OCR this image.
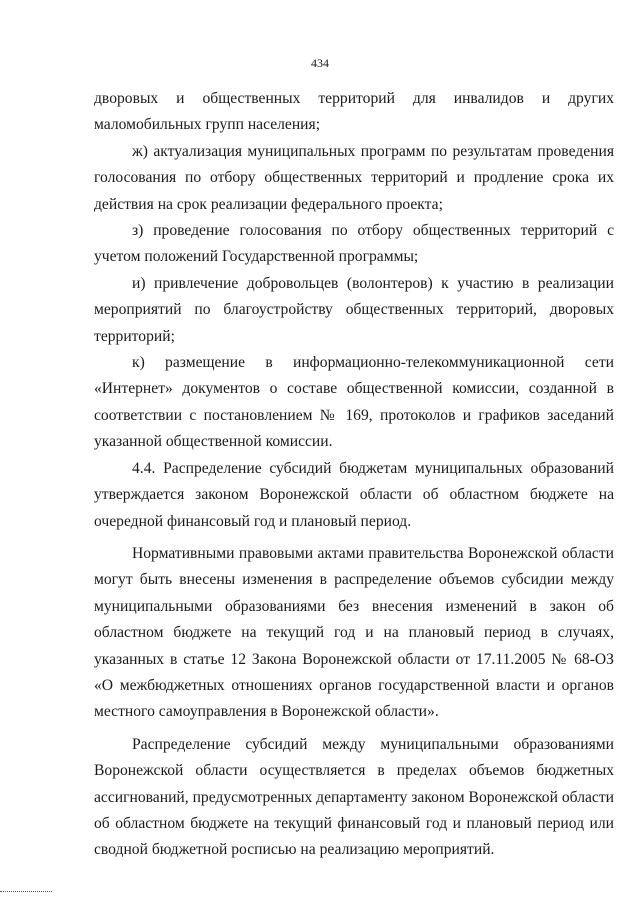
434

дворовых и общественных территорий для инвалидов и других маломобильных групп населения;

ж) актуализация муниципальных программ по результатам проведения голосования по отбору общественных территорий и продление срока их действия на срок реализации федерального проекта;

з) проведение голосования по отбору общественных территорий с учетом положений Государственной программы;

и) привлечение добровольцев (волонтеров) к участию в реализации мероприятий по благоустройству общественных территорий, дворовых территорий;

к) размещение в информационно-телекоммуникационной сети «Интернет» документов о составе общественной комиссии, созданной в соответствии с постановлением № 169, протоколов и графиков заседаний указанной общественной комиссии.

4.4. Распределение субсидий бюджетам муниципальных образований утверждается законом Воронежской области об областном бюджете на очередной финансовый год и плановый период.

Нормативными правовыми актами правительства Воронежской области могут быть внесены изменения в распределение объемов субсидии между муниципальными образованиями без внесения изменений в закон об областном бюджете на текущий год и на плановый период в случаях, указанных в статье 12 Закона Воронежской области от 17.11.2005 № 68-ОЗ «О межбюджетных отношениях органов государственной власти и органов местного самоуправления в Воронежской области».

Распределение субсидий между муниципальными образованиями Воронежской области осуществляется в пределах объемов бюджетных ассигнований, предусмотренных департаменту законом Воронежской области об областном бюджете на текущий финансовый год и плановый период или сводной бюджетной росписью на реализацию мероприятий.
